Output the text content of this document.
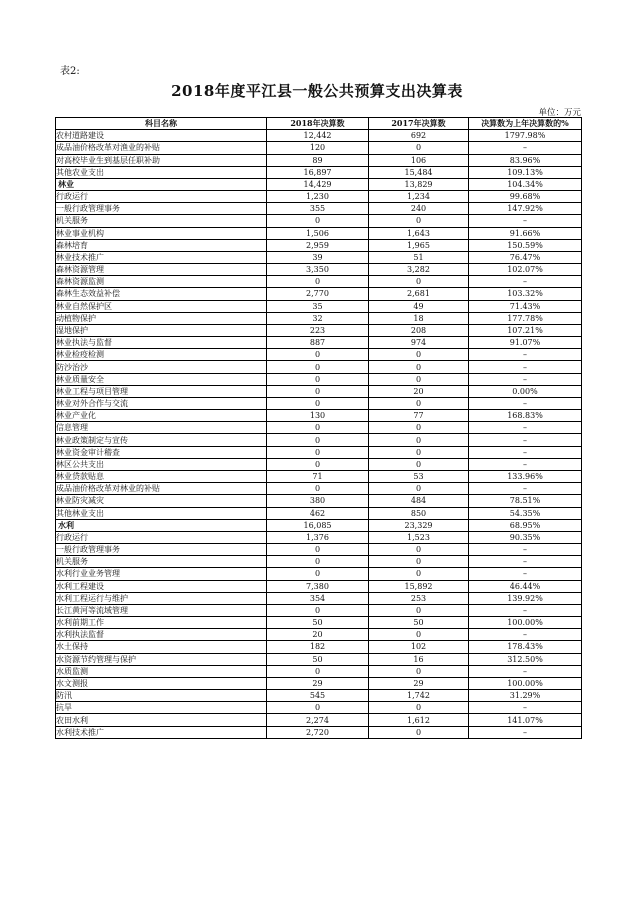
表2:
2018年度平江县一般公共预算支出决算表
单位：万元
科目名称	2018年决算数	2017年决算数	决算数为上年决算数的%
农村道路建设	12,442	692	1797.98%
成品油价格改革对渔业的补贴	120	0	–
对高校毕业生到基层任职补助	89	106	83.96%
其他农业支出	16,897	15,484	109.13%
林业	14,429	13,829	104.34%
行政运行	1,230	1,234	99.68%
一般行政管理事务	355	240	147.92%
机关服务	0	0	–
林业事业机构	1,506	1,643	91.66%
森林培育	2,959	1,965	150.59%
林业技术推广	39	51	76.47%
森林资源管理	3,350	3,282	102.07%
森林资源监测	0	0	–
森林生态效益补偿	2,770	2,681	103.32%
林业自然保护区	35	49	71.43%
动植物保护	32	18	177.78%
湿地保护	223	208	107.21%
林业执法与监督	887	974	91.07%
林业检疫检测	0	0	–
防沙治沙	0	0	–
林业质量安全	0	0	–
林业工程与项目管理	0	20	0.00%
林业对外合作与交流	0	0	–
林业产业化	130	77	168.83%
信息管理	0	0	–
林业政策制定与宣传	0	0	–
林业资金审计稽查	0	0	–
林区公共支出	0	0	–
林业贷款贴息	71	53	133.96%
成品油价格改革对林业的补贴	0	0	–
林业防灾减灾	380	484	78.51%
其他林业支出	462	850	54.35%
水利	16,085	23,329	68.95%
行政运行	1,376	1,523	90.35%
一般行政管理事务	0	0	–
机关服务	0	0	–
水利行业业务管理	0	0	–
水利工程建设	7,380	15,892	46.44%
水利工程运行与维护	354	253	139.92%
长江黄河等流域管理	0	0	–
水利前期工作	50	50	100.00%
水利执法监督	20	0	–
水土保持	182	102	178.43%
水资源节约管理与保护	50	16	312.50%
水质监测	0	0	–
水文测报	29	29	100.00%
防汛	545	1,742	31.29%
抗旱	0	0	–
农田水利	2,274	1,612	141.07%
水利技术推广	2,720	0	–
